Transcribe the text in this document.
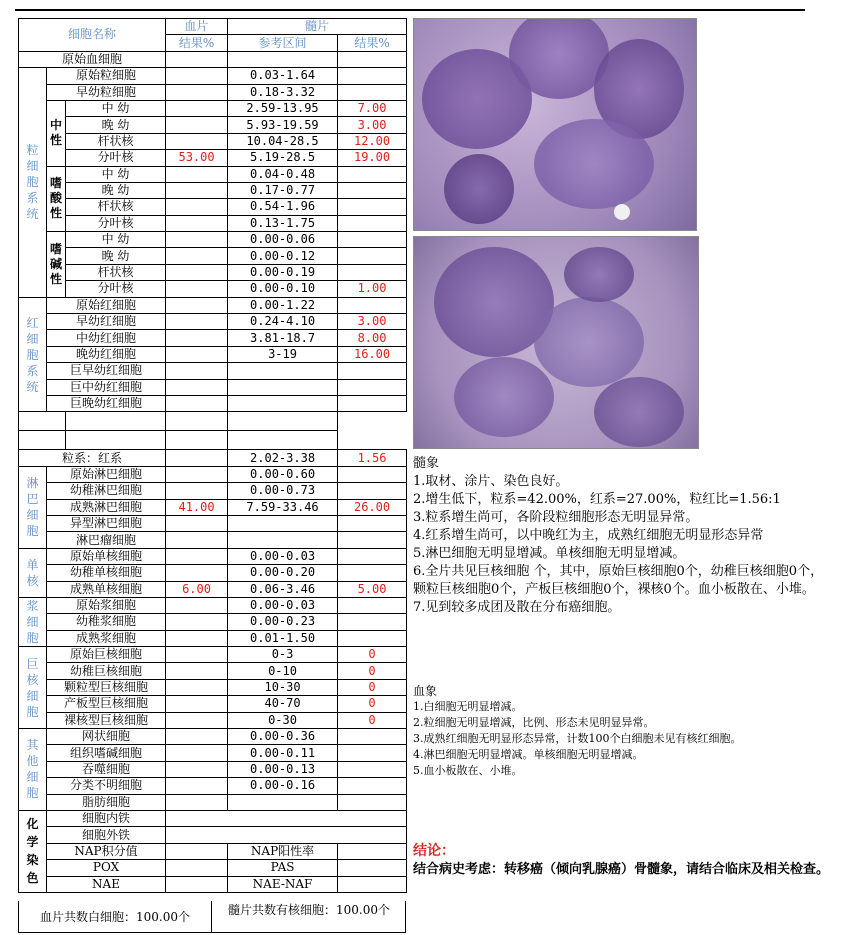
细胞名称			血片	髓片	
			结果%	参考区间	结果%
原始血细胞					
粒
细
胞
系
统	原始粒细胞			0.03-1.64	
	早幼粒细胞			0.18-3.32	
	中
性	中 幼		2.59-13.95	7.00
		晚 幼		5.93-19.59	3.00
		杆状核		10.04-28.5	12.00
		分叶核	53.00	5.19-28.5	19.00
	嗜
酸
性	中 幼		0.04-0.48	
		晚 幼		0.17-0.77	
		杆状核		0.54-1.96	
		分叶核		0.13-1.75	
	嗜
碱
性	中 幼		0.00-0.06	
		晚 幼		0.00-0.12	
		杆状核		0.00-0.19	
		分叶核		0.00-0.10	1.00
红
细
胞
系
统	原始红细胞			0.00-1.22	
	早幼红细胞			0.24-4.10	3.00
	中幼红细胞			3.81-18.7	8.00
	晚幼红细胞			3-19	16.00
	巨早幼红细胞				
	巨中幼红细胞				
	巨晚幼红细胞				

粒系：红系				2.02-3.38	1.56
淋
巴
细
胞	原始淋巴细胞			0.00-0.60	
	幼稚淋巴细胞			0.00-0.73	
	成熟淋巴细胞		41.00	7.59-33.46	26.00
	异型淋巴细胞				
	淋巴瘤细胞				
单
核	原始单核细胞			0.00-0.03	
	幼稚单核细胞			0.00-0.20	
	成熟单核细胞		6.00	0.06-3.46	5.00
浆
细
胞	原始浆细胞			0.00-0.03	
	幼稚浆细胞			0.00-0.23	
	成熟浆细胞			0.01-1.50	
巨
核
细
胞	原始巨核细胞			0-3	0
	幼稚巨核细胞			0-10	0
	颗粒型巨核细胞			10-30	0
	产板型巨核细胞			40-70	0
	裸核型巨核细胞			0-30	0
其
他
细
胞	网状细胞			0.00-0.36	
	组织嗜碱细胞			0.00-0.11	
	吞噬细胞			0.00-0.13	
	分类不明细胞			0.00-0.16	
	脂肪细胞				
化
学
染
色	细胞内铁				
	细胞外铁				
	NAP积分值			NAP阳性率	
	POX			PAS	
	NAE			NAE-NAF	
血片共数白细胞：100.00个	髓片共数有核细胞：100.00个

髓象

1.取材、涂片、染色良好。

2.增生低下，粒系=42.00%，红系=27.00%，粒红比=1.56:1

3.粒系增生尚可，各阶段粒细胞形态无明显异常。

4.红系增生尚可，以中晚红为主，成熟红细胞无明显形态异常

5.淋巴细胞无明显增减。单核细胞无明显增减。

6.全片共见巨核细胞 个，其中，原始巨核细胞0个，幼稚巨核细胞0个，颗粒巨核细胞0个，产板巨核细胞0个，裸核0个。血小板散在、小堆。

7.见到较多成团及散在分布癌细胞。

血象

1.白细胞无明显增减。

2.粒细胞无明显增减，比例、形态未见明显异常。

3.成熟红细胞无明显形态异常，计数100个白细胞未见有核红细胞。

4.淋巴细胞无明显增减。单核细胞无明显增减。

5.血小板散在、小堆。

结论：
结合病史考虑：转移癌（倾向乳腺癌）骨髓象，请结合临床及相关检查。
